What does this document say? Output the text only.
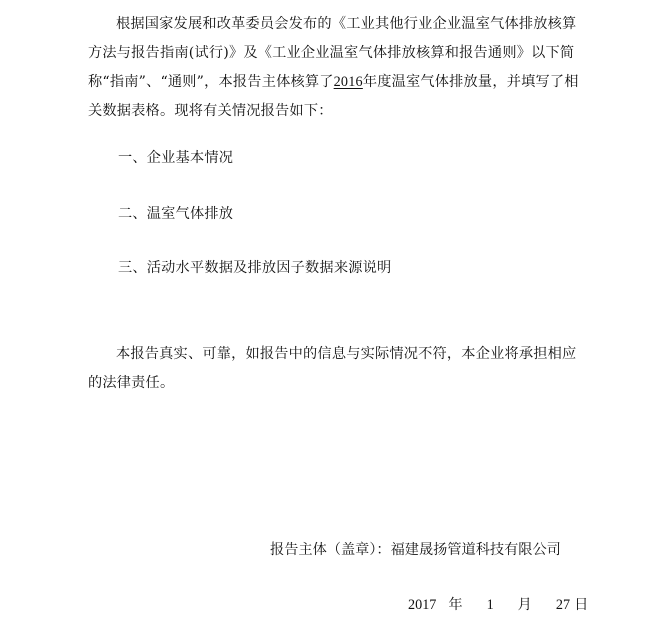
根据国家发展和改革委员会发布的《工业其他行业企业温室气体排放核算
方法与报告指南(试行)》及《工业企业温室气体排放核算和报告通则》以下简
称“指南”、“通则”，本报告主体核算了2016年度温室气体排放量，并填写了相
关数据表格。现将有关情况报告如下：
一、企业基本情况
二、温室气体排放
三、活动水平数据及排放因子数据来源说明
本报告真实、可靠，如报告中的信息与实际情况不符，本企业将承担相应
的法律责任。
报告主体（盖章）：福建晟扬管道科技有限公司
2017 年 1 月 27 日
